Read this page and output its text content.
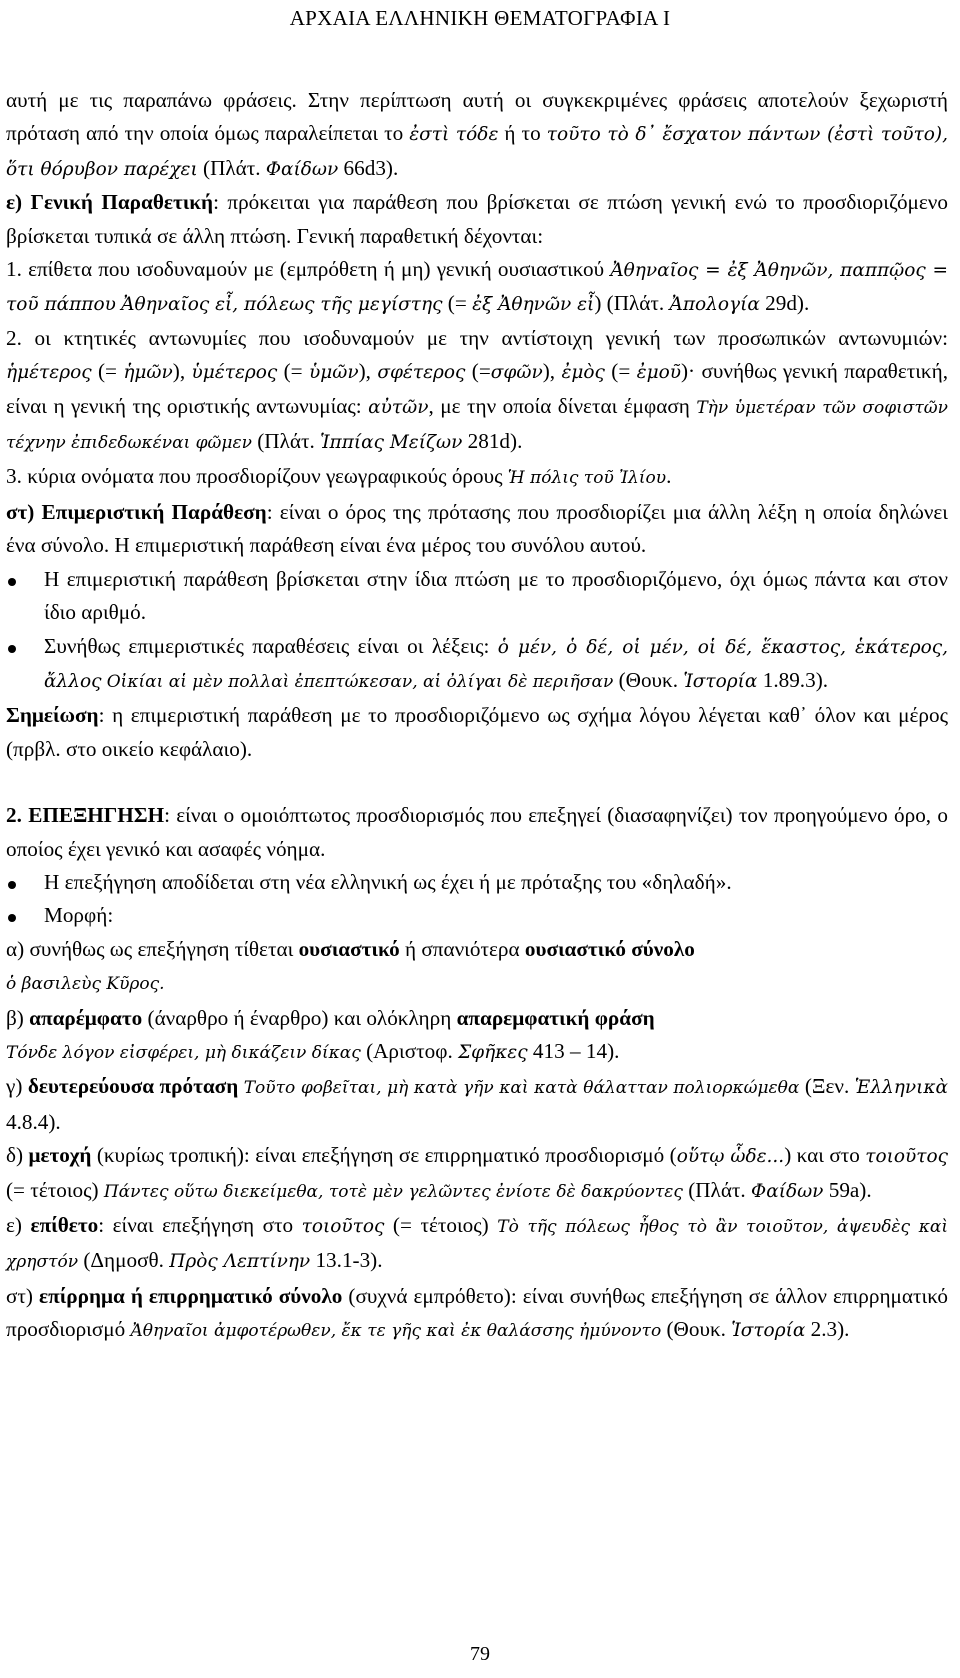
ΑΡΧΑΙΑ ΕΛΛΗΝΙΚΗ ΘΕΜΑΤΟΓΡΑΦΙΑ Ι

αυτή με τις παραπάνω φράσεις. Στην περίπτωση αυτή οι συγκεκριμένες φράσεις αποτελούν ξεχωριστή πρόταση από την οποία όμως παραλείπεται το ἐστὶ τόδε ή το τοῦτο τὸ δ᾽ ἔσχατον πάντων (ἐστὶ τοῦτο), ὅτι θόρυβον παρέχει (Πλάτ. Φαίδων 66d3).

ε) Γενική Παραθετική: πρόκειται για παράθεση που βρίσκεται σε πτώση γενική ενώ το προσδιοριζόμενο βρίσκεται τυπικά σε άλλη πτώση. Γενική παραθετική δέχονται:

1. επίθετα που ισοδυναμούν με (εμπρόθετη ή μη) γενική ουσιαστικού Ἀθηναῖος = ἐξ Ἀθηνῶν, παππῷος = τοῦ πάππου Ἀθηναῖος εἶ, πόλεως τῆς μεγίστης (= ἐξ Ἀθηνῶν εἶ) (Πλάτ. Ἀπολογία 29d).

2. οι κτητικές αντωνυμίες που ισοδυναμούν με την αντίστοιχη γενική των προσωπικών αντωνυμιών: ἡμέτερος (= ἡμῶν), ὑμέτερος (= ὑμῶν), σφέτερος (=σφῶν), ἐμὸς (= ἐμοῦ)· συνήθως γενική παραθετική, είναι η γενική της οριστικής αντωνυμίας: αὐτῶν, με την οποία δίνεται έμφαση Τὴν ὑμετέραν τῶν σοφιστῶν τέχνην ἐπιδεδωκέναι φῶμεν (Πλάτ. Ἱππίας Μείζων 281d).

3. κύρια ονόματα που προσδιορίζουν γεωγραφικούς όρους Ἡ πόλις τοῦ Ἰλίου.

στ) Επιμεριστική Παράθεση: είναι ο όρος της πρότασης που προσδιορίζει μια άλλη λέξη η οποία δηλώνει ένα σύνολο. Η επιμεριστική παράθεση είναι ένα μέρος του συνόλου αυτού.

Η επιμεριστική παράθεση βρίσκεται στην ίδια πτώση με το προσδιοριζόμενο, όχι όμως πάντα και στον ίδιο αριθμό.

Συνήθως επιμεριστικές παραθέσεις είναι οι λέξεις: ὁ μέν, ὁ δέ, οἱ μέν, οἱ δέ, ἕκαστος, ἑκάτερος, ἄλλος Οἰκίαι αἱ μὲν πολλαὶ ἐπεπτώκεσαν, αἱ ὀλίγαι δὲ περιῆσαν (Θουκ. Ἱστορία 1.89.3).

Σημείωση: η επιμεριστική παράθεση με το προσδιοριζόμενο ως σχήμα λόγου λέγεται καθ᾽ όλον και μέρος (πρβλ. στο οικείο κεφάλαιο).

2. ΕΠΕΞΗΓΗΣΗ: είναι ο ομοιόπτωτος προσδιορισμός που επεξηγεί (διασαφηνίζει) τον προηγούμενο όρο, ο οποίος έχει γενικό και ασαφές νόημα.

Η επεξήγηση αποδίδεται στη νέα ελληνική ως έχει ή με πρόταξης του «δηλαδή».

Μορφή:

α) συνήθως ως επεξήγηση τίθεται ουσιαστικό ή σπανιότερα ουσιαστικό σύνολο
ὁ βασιλεὺς Κῦρος.

β) απαρέμφατο (άναρθρο ή έναρθρο) και ολόκληρη απαρεμφατική φράση
Τόνδε λόγον εἰσφέρει, μὴ δικάζειν δίκας (Αριστοφ. Σφῆκες 413 – 14).

γ) δευτερεύουσα πρόταση Τοῦτο φοβεῖται, μὴ κατὰ γῆν καὶ κατὰ θάλατταν πολιορκώμεθα (Ξεν. Ἑλληνικὰ 4.8.4).

δ) μετοχή (κυρίως τροπική): είναι επεξήγηση σε επιρρηματικό προσδιορισμό (οὕτῳ ὧδε...) και στο τοιοῦτος (= τέτοιος) Πάντες οὕτω διεκείμεθα, τοτὲ μὲν γελῶντες ἐνίοτε δὲ δακρύοντες (Πλάτ. Φαίδων 59a).

ε) επίθετο: είναι επεξήγηση στο τοιοῦτος (= τέτοιος) Τὸ τῆς πόλεως ἦθος τὸ ἂν τοιοῦτον, ἀψευδὲς καὶ χρηστόν (Δημοσθ. Πρὸς Λεπτίνην 13.1-3).

στ) επίρρημα ή επιρρηματικό σύνολο (συχνά εμπρόθετο): είναι συνήθως επεξήγηση σε άλλον επιρρηματικό προσδιορισμό Ἀθηναῖοι ἀμφοτέρωθεν, ἔκ τε γῆς καὶ ἐκ θαλάσσης ἠμύνοντο (Θουκ. Ἱστορία 2.3).

79
